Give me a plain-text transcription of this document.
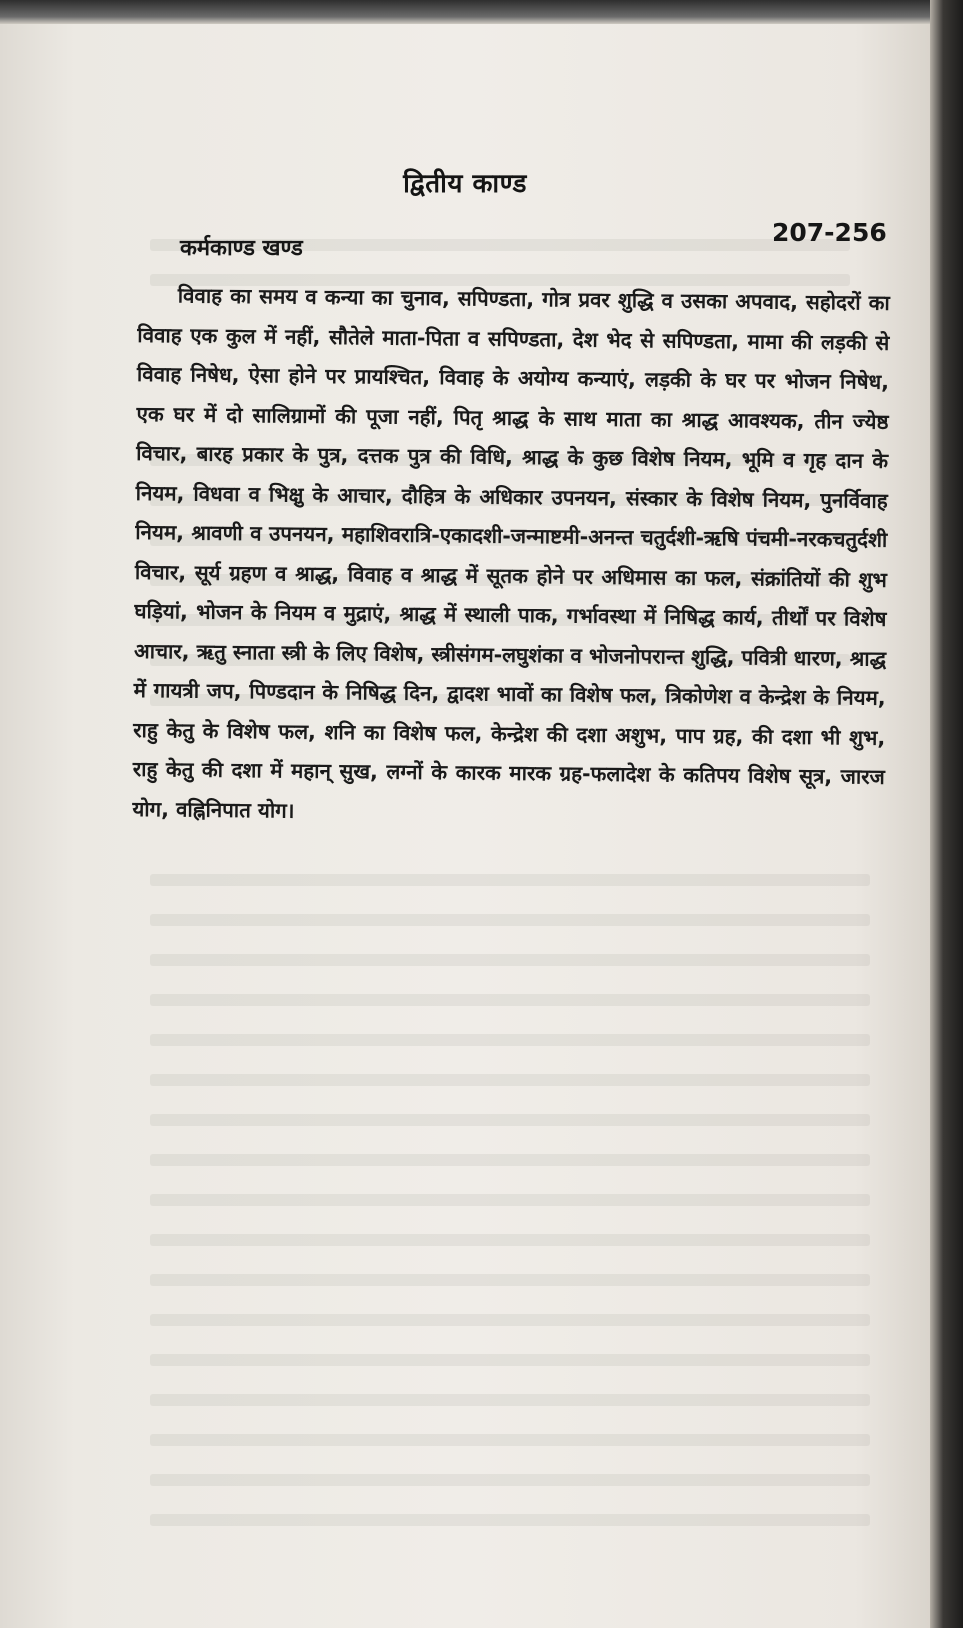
द्वितीय काण्ड
कर्मकाण्ड खण्ड
207-256
विवाह का समय व कन्या का चुनाव, सपिण्डता, गोत्र प्रवर शुद्धि व उसका अपवाद, सहोदरों का विवाह एक कुल में नहीं, सौतेले माता-पिता व सपिण्डता, देश भेद से सपिण्डता, मामा की लड़की से विवाह निषेध, ऐसा होने पर प्रायश्चित, विवाह के अयोग्य कन्याएं, लड़की के घर पर भोजन निषेध, एक घर में दो सालिग्रामों की पूजा नहीं, पितृ श्राद्ध के साथ माता का श्राद्ध आवश्यक, तीन ज्येष्ठ विचार, बारह प्रकार के पुत्र, दत्तक पुत्र की विधि, श्राद्ध के कुछ विशेष नियम, भूमि व गृह दान के नियम, विधवा व भिक्षु के आचार, दौहित्र के अधिकार उपनयन, संस्कार के विशेष नियम, पुनर्विवाह नियम, श्रावणी व उपनयन, महाशिवरात्रि-एकादशी-जन्माष्टमी-अनन्त चतुर्दशी-ऋषि पंचमी-नरकचतुर्दशी विचार, सूर्य ग्रहण व श्राद्ध, विवाह व श्राद्ध में सूतक होने पर अधिमास का फल, संक्रांतियों की शुभ घड़ियां, भोजन के नियम व मुद्राएं, श्राद्ध में स्थाली पाक, गर्भावस्था में निषिद्ध कार्य, तीर्थों पर विशेष आचार, ऋतु स्नाता स्त्री के लिए विशेष, स्त्रीसंगम-लघुशंका व भोजनोपरान्त शुद्धि, पवित्री धारण, श्राद्ध में गायत्री जप, पिण्डदान के निषिद्ध दिन, द्वादश भावों का विशेष फल, त्रिकोणेश व केन्द्रेश के नियम, राहु केतु के विशेष फल, शनि का विशेष फल, केन्द्रेश की दशा अशुभ, पाप ग्रह, की दशा भी शुभ, राहु केतु की दशा में महान् सुख, लग्नों के कारक मारक ग्रह-फलादेश के कतिपय विशेष सूत्र, जारज योग, वह्निनिपात योग।
